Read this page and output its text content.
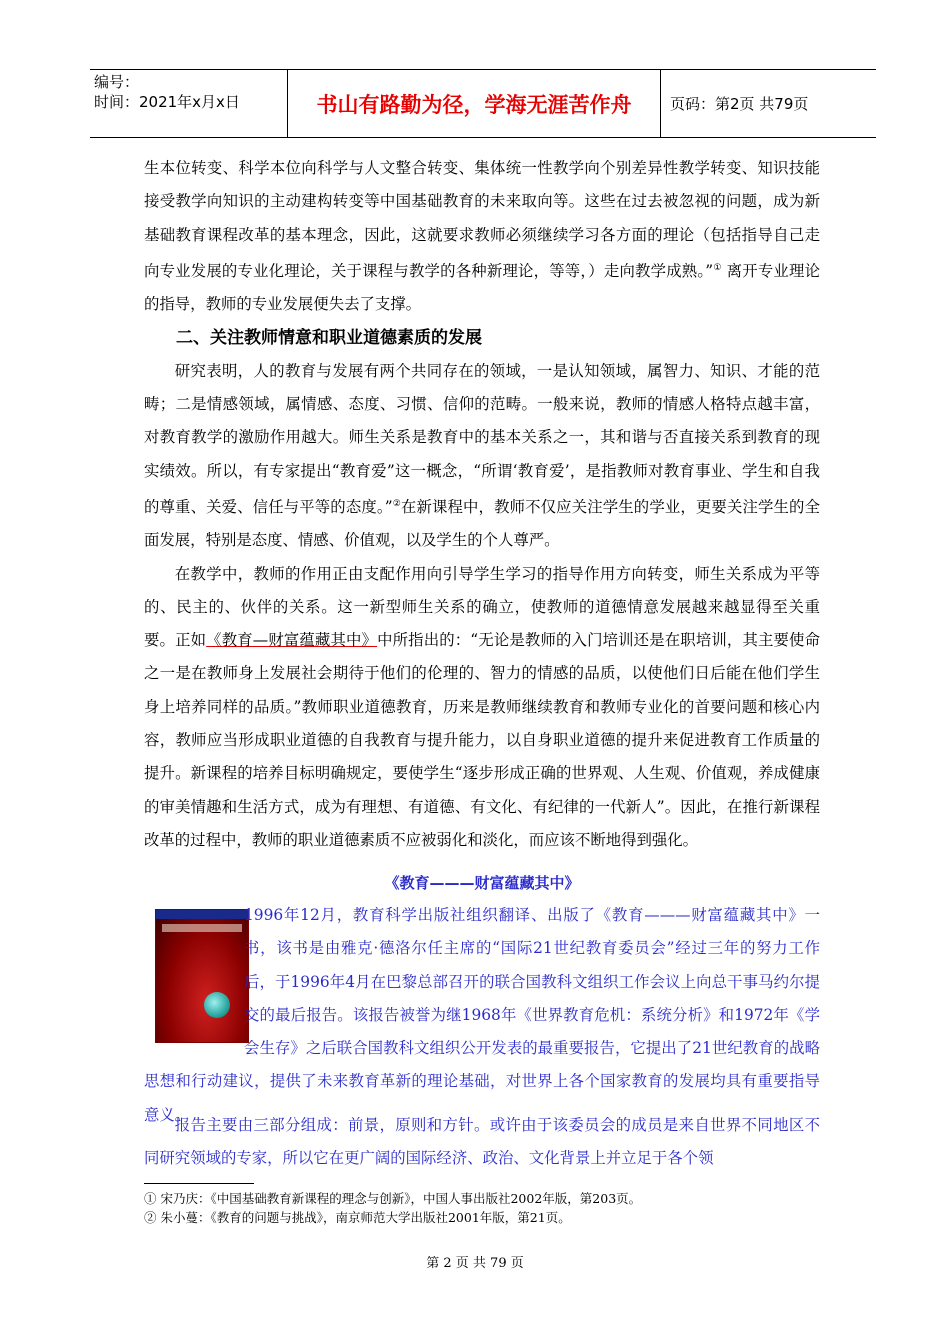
编号：
时间：2021年x月x日	书山有路勤为径，学海无涯苦作舟	页码：第2页 共79页

生本位转变、科学本位向科学与人文整合转变、集体统一性教学向个别差异性教学转变、知识技能接受教学向知识的主动建构转变等中国基础教育的未来取向等。这些在过去被忽视的问题，成为新基础教育课程改革的基本理念，因此，这就要求教师必须继续学习各方面的理论（包括指导自己走向专业发展的专业化理论，关于课程与教学的各种新理论，等等，）走向教学成熟。”① 离开专业理论的指导，教师的专业发展便失去了支撑。

二、关注教师情意和职业道德素质的发展

研究表明，人的教育与发展有两个共同存在的领域，一是认知领域，属智力、知识、才能的范畴；二是情感领域，属情感、态度、习惯、信仰的范畴。一般来说，教师的情感人格特点越丰富，对教育教学的激励作用越大。师生关系是教育中的基本关系之一，其和谐与否直接关系到教育的现实绩效。所以，有专家提出“教育爱”这一概念，“所谓‘教育爱’，是指教师对教育事业、学生和自我的尊重、关爱、信任与平等的态度。”②在新课程中，教师不仅应关注学生的学业，更要关注学生的全面发展，特别是态度、情感、价值观，以及学生的个人尊严。

在教学中，教师的作用正由支配作用向引导学生学习的指导作用方向转变，师生关系成为平等的、民主的、伙伴的关系。这一新型师生关系的确立，使教师的道德情意发展越来越显得至关重要。正如《教育—财富蕴藏其中》中所指出的：“无论是教师的入门培训还是在职培训，其主要使命之一是在教师身上发展社会期待于他们的伦理的、智力的情感的品质，以使他们日后能在他们学生身上培养同样的品质。”教师职业道德教育，历来是教师继续教育和教师专业化的首要问题和核心内容，教师应当形成职业道德的自我教育与提升能力，以自身职业道德的提升来促进教育工作质量的提升。新课程的培养目标明确规定，要使学生“逐步形成正确的世界观、人生观、价值观，养成健康的审美情趣和生活方式，成为有理想、有道德、有文化、有纪律的一代新人”。因此，在推行新课程改革的过程中，教师的职业道德素质不应被弱化和淡化，而应该不断地得到强化。

《教育———财富蕴藏其中》

1996年12月，教育科学出版社组织翻译、出版了《教育———财富蕴藏其中》一书，该书是由雅克·德洛尔任主席的“国际21世纪教育委员会”经过三年的努力工作后，于1996年4月在巴黎总部召开的联合国教科文组织工作会议上向总干事马约尔提交的最后报告。该报告被誉为继1968年《世界教育危机：系统分析》和1972年《学会生存》之后联合国教科文组织公开发表的最重要报告，它提出了21世纪教育的战略思想和行动建议，提供了未来教育革新的理论基础，对世界上各个国家教育的发展均具有重要指导意义。

报告主要由三部分组成：前景，原则和方针。或许由于该委员会的成员是来自世界不同地区不同研究领域的专家，所以它在更广阔的国际经济、政治、文化背景上并立足于各个领

① 宋乃庆：《中国基础教育新课程的理念与创新》，中国人事出版社2002年版，第203页。
② 朱小蔓：《教育的问题与挑战》，南京师范大学出版社2001年版，第21页。
第 2 页 共 79 页
